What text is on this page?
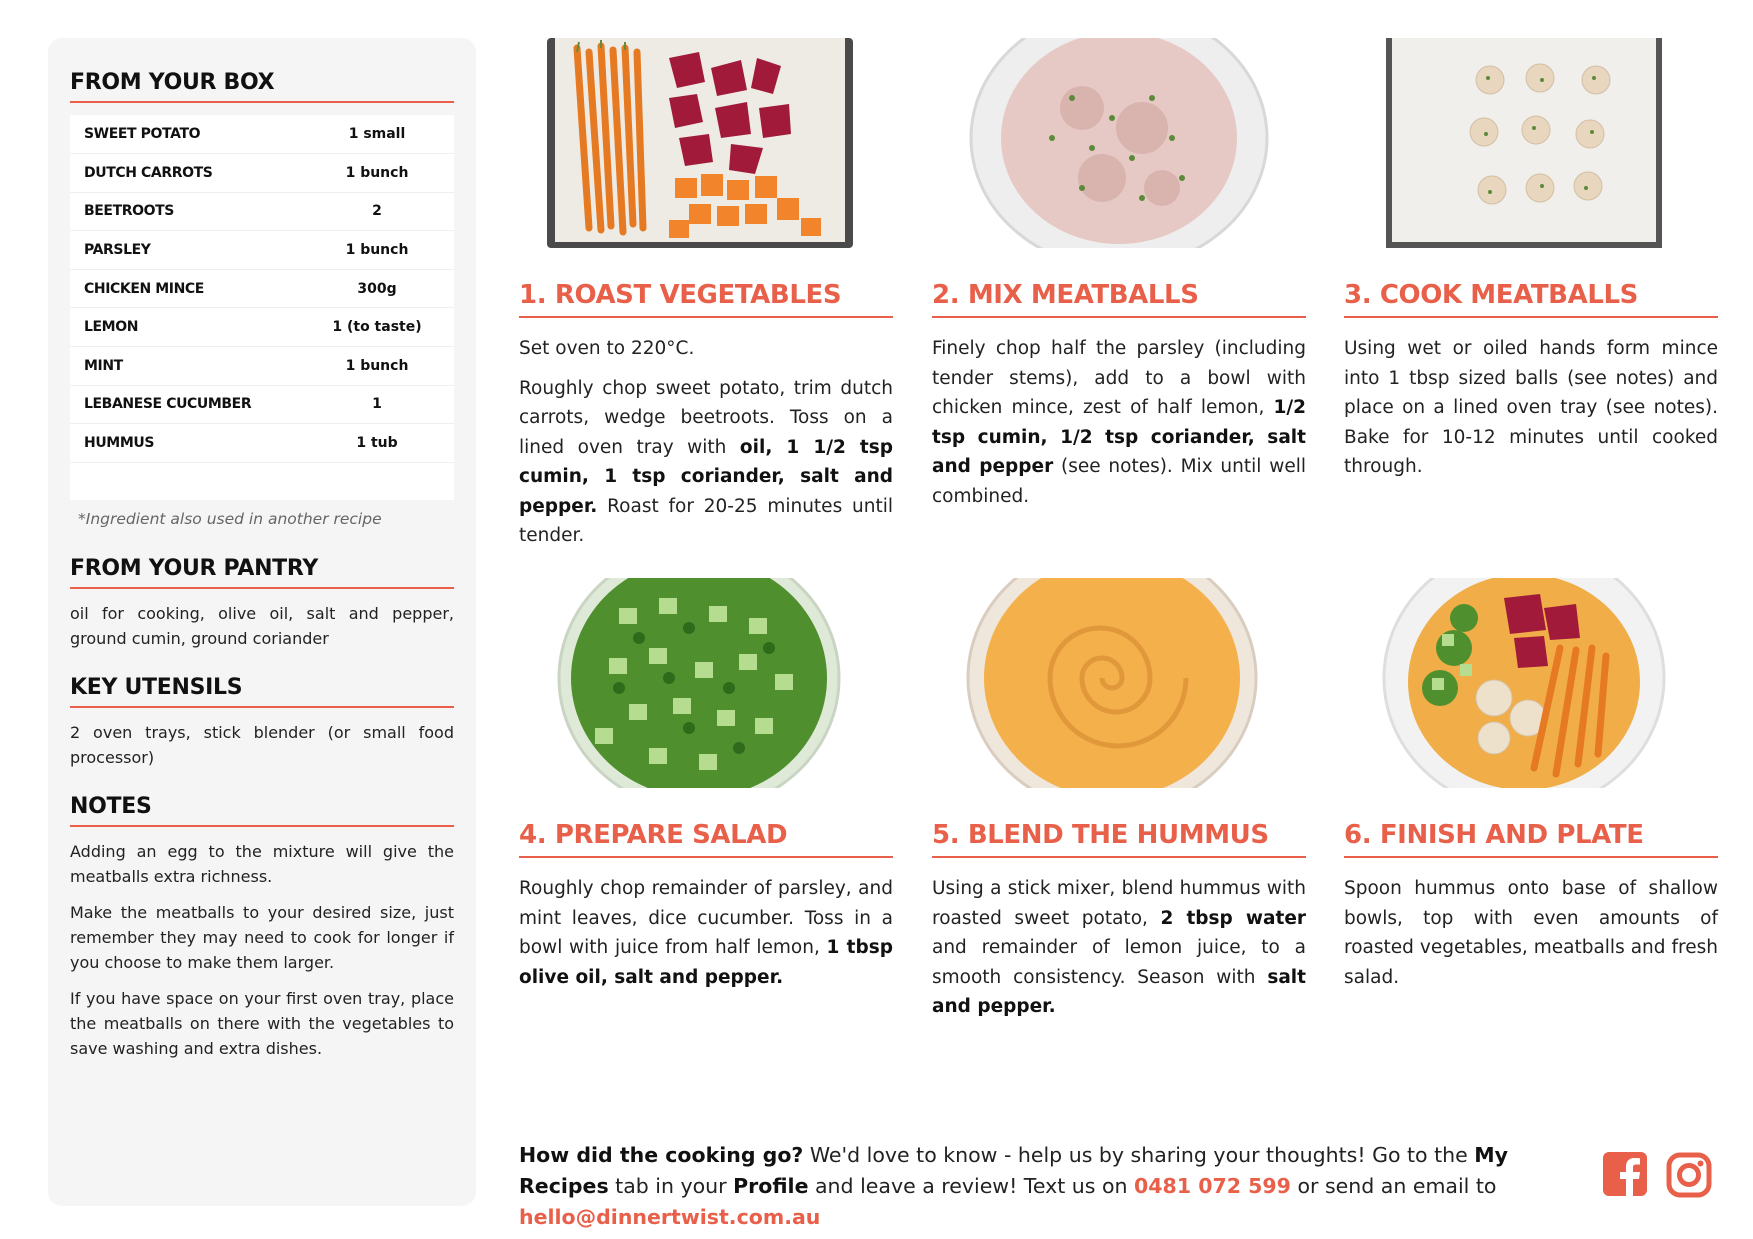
FROM YOUR BOX
SWEET POTATO	1 small
DUTCH CARROTS	1 bunch
BEETROOTS	2
PARSLEY	1 bunch
CHICKEN MINCE	300g
LEMON	1 (to taste)
MINT	1 bunch
LEBANESE CUCUMBER	1
HUMMUS	1 tub

*Ingredient also used in another recipe
FROM YOUR PANTRY

oil for cooking, olive oil, salt and pepper, ground cumin, ground coriander

KEY UTENSILS

2 oven trays, stick blender (or small food processor)

NOTES

Adding an egg to the mixture will give the meatballs extra richness.

Make the meatballs to your desired size, just remember they may need to cook for longer if you choose to make them larger.

If you have space on your first oven tray, place the meatballs on there with the vegetables to save washing and extra dishes.

1. ROAST VEGETABLES

Set oven to 220°C.

Roughly chop sweet potato, trim dutch carrots, wedge beetroots. Toss on a lined oven tray with oil, 1 1/2 tsp cumin, 1 tsp coriander, salt and pepper. Roast for 20-25 minutes until tender.

2. MIX MEATBALLS

Finely chop half the parsley (including tender stems), add to a bowl with chicken mince, zest of half lemon, 1/2 tsp cumin, 1/2 tsp coriander, salt and pepper (see notes). Mix until well combined.

3. COOK MEATBALLS

Using wet or oiled hands form mince into 1 tbsp sized balls (see notes) and place on a lined oven tray (see notes). Bake for 10-12 minutes until cooked through.

4. PREPARE SALAD

Roughly chop remainder of parsley, and mint leaves, dice cucumber. Toss in a bowl with juice from half lemon, 1 tbsp olive oil, salt and pepper.

5. BLEND THE HUMMUS

Using a stick mixer, blend hummus with roasted sweet potato, 2 tbsp water and remainder of lemon juice, to a smooth consistency. Season with salt and pepper.

6. FINISH AND PLATE

Spoon hummus onto base of shallow bowls, top with even amounts of roasted vegetables, meatballs and fresh salad.

How did the cooking go? We'd love to know - help us by sharing your thoughts! Go to the My Recipes tab in your Profile and leave a review! Text us on 0481 072 599 or send an email to hello@dinnertwist.com.au
